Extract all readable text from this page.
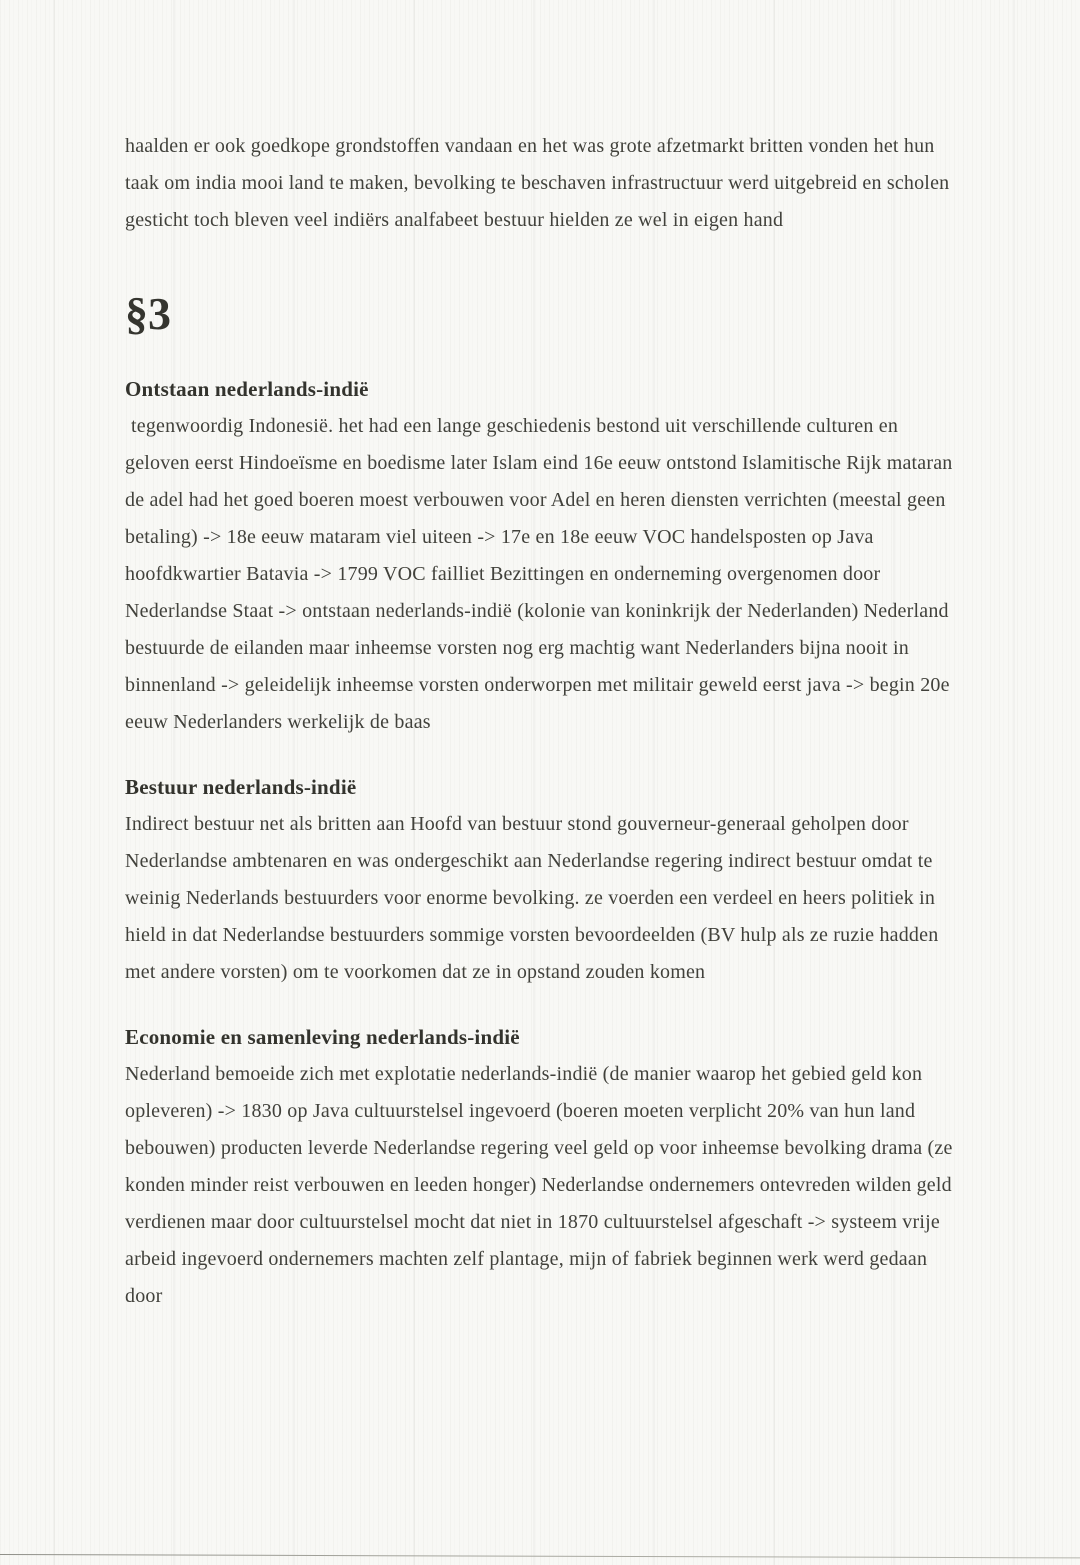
haalden er ook goedkope grondstoffen vandaan en het was grote afzetmarkt britten vonden het hun taak om india mooi land te maken, bevolking te beschaven infrastructuur werd uitgebreid en scholen gesticht toch bleven veel indiërs analfabeet bestuur hielden ze wel in eigen hand

§3
Ontstaan nederlands-indië

tegenwoordig Indonesië. het had een lange geschiedenis bestond uit verschillende culturen en geloven eerst Hindoeïsme en boedisme later Islam eind 16e eeuw ontstond Islamitische Rijk mataran de adel had het goed boeren moest verbouwen voor Adel en heren diensten verrichten (meestal geen betaling) -> 18e eeuw mataram viel uiteen -> 17e en 18e eeuw VOC handelsposten op Java hoofdkwartier Batavia -> 1799 VOC failliet Bezittingen en onderneming overgenomen door Nederlandse Staat -> ontstaan nederlands-indië (kolonie van koninkrijk der Nederlanden) Nederland bestuurde de eilanden maar inheemse vorsten nog erg machtig want Nederlanders bijna nooit in binnenland -> geleidelijk inheemse vorsten onderworpen met militair geweld eerst java -> begin 20e eeuw Nederlanders werkelijk de baas

Bestuur nederlands-indië

Indirect bestuur net als britten aan Hoofd van bestuur stond gouverneur-generaal geholpen door Nederlandse ambtenaren en was ondergeschikt aan Nederlandse regering indirect bestuur omdat te weinig Nederlands bestuurders voor enorme bevolking. ze voerden een verdeel en heers politiek in hield in dat Nederlandse bestuurders sommige vorsten bevoordeelden (BV hulp als ze ruzie hadden met andere vorsten) om te voorkomen dat ze in opstand zouden komen

Economie en samenleving nederlands-indië

Nederland bemoeide zich met explotatie nederlands-indië (de manier waarop het gebied geld kon opleveren) -> 1830 op Java cultuurstelsel ingevoerd (boeren moeten verplicht 20% van hun land bebouwen) producten leverde Nederlandse regering veel geld op voor inheemse bevolking drama (ze konden minder reist verbouwen en leeden honger) Nederlandse ondernemers ontevreden wilden geld verdienen maar door cultuurstelsel mocht dat niet in 1870 cultuurstelsel afgeschaft -> systeem vrije arbeid ingevoerd ondernemers machten zelf plantage, mijn of fabriek beginnen werk werd gedaan door
